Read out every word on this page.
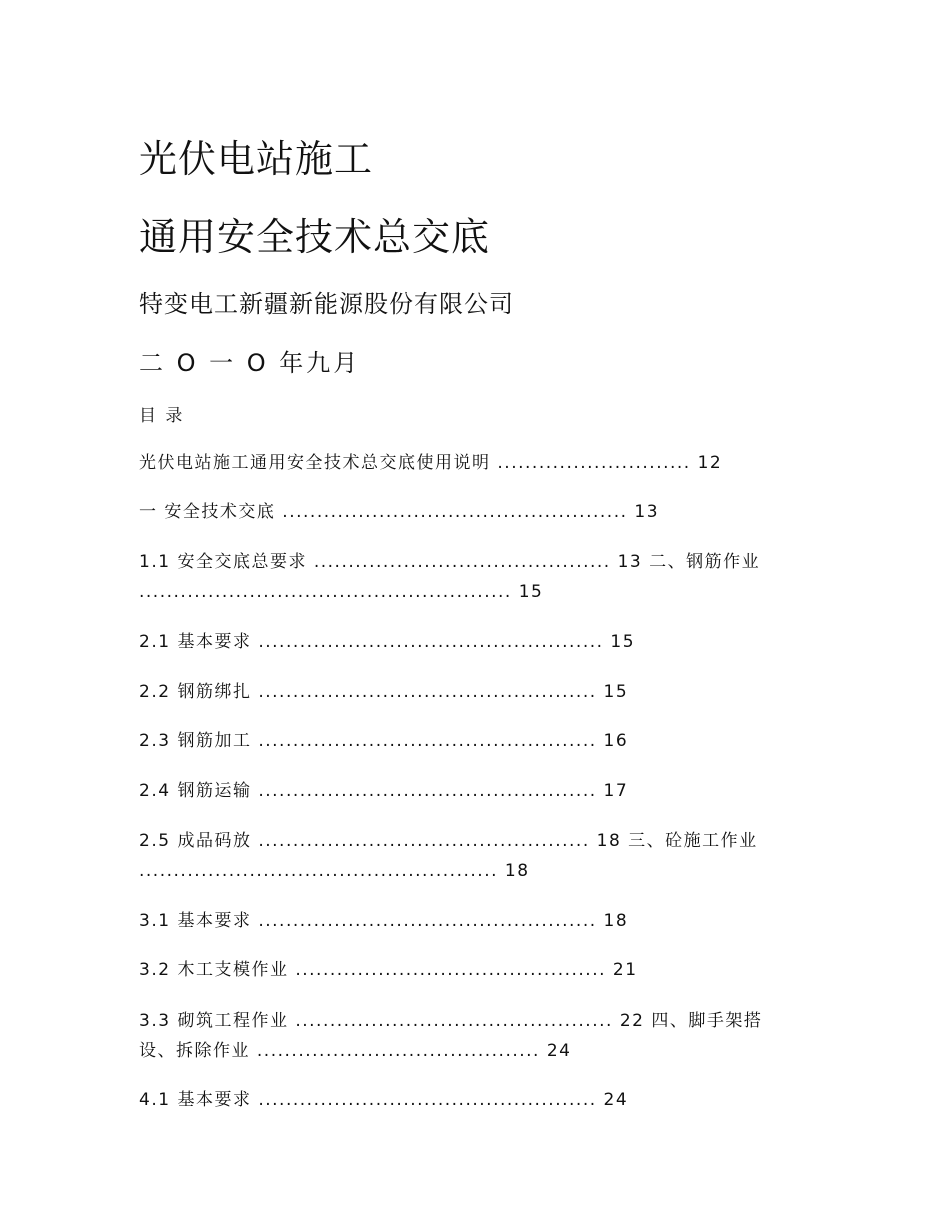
光伏电站施工
通用安全技术总交底
特变电工新疆新能源股份有限公司
二 O 一 O 年九月
目 录
光伏电站施工通用安全技术总交底使用说明 ............................ 12
一 安全技术交底 .................................................. 13
1.1 安全交底总要求 ........................................... 13 二、钢筋作业
...................................................... 15
2.1 基本要求 .................................................. 15
2.2 钢筋绑扎 ................................................. 15
2.3 钢筋加工 ................................................. 16
2.4 钢筋运输 ................................................. 17
2.5 成品码放 ................................................ 18 三、砼施工作业
.................................................... 18
3.1 基本要求 ................................................. 18
3.2 木工支模作业 ............................................. 21
3.3 砌筑工程作业 .............................................. 22 四、脚手架搭
设、拆除作业 ......................................... 24
4.1 基本要求 ................................................. 24
